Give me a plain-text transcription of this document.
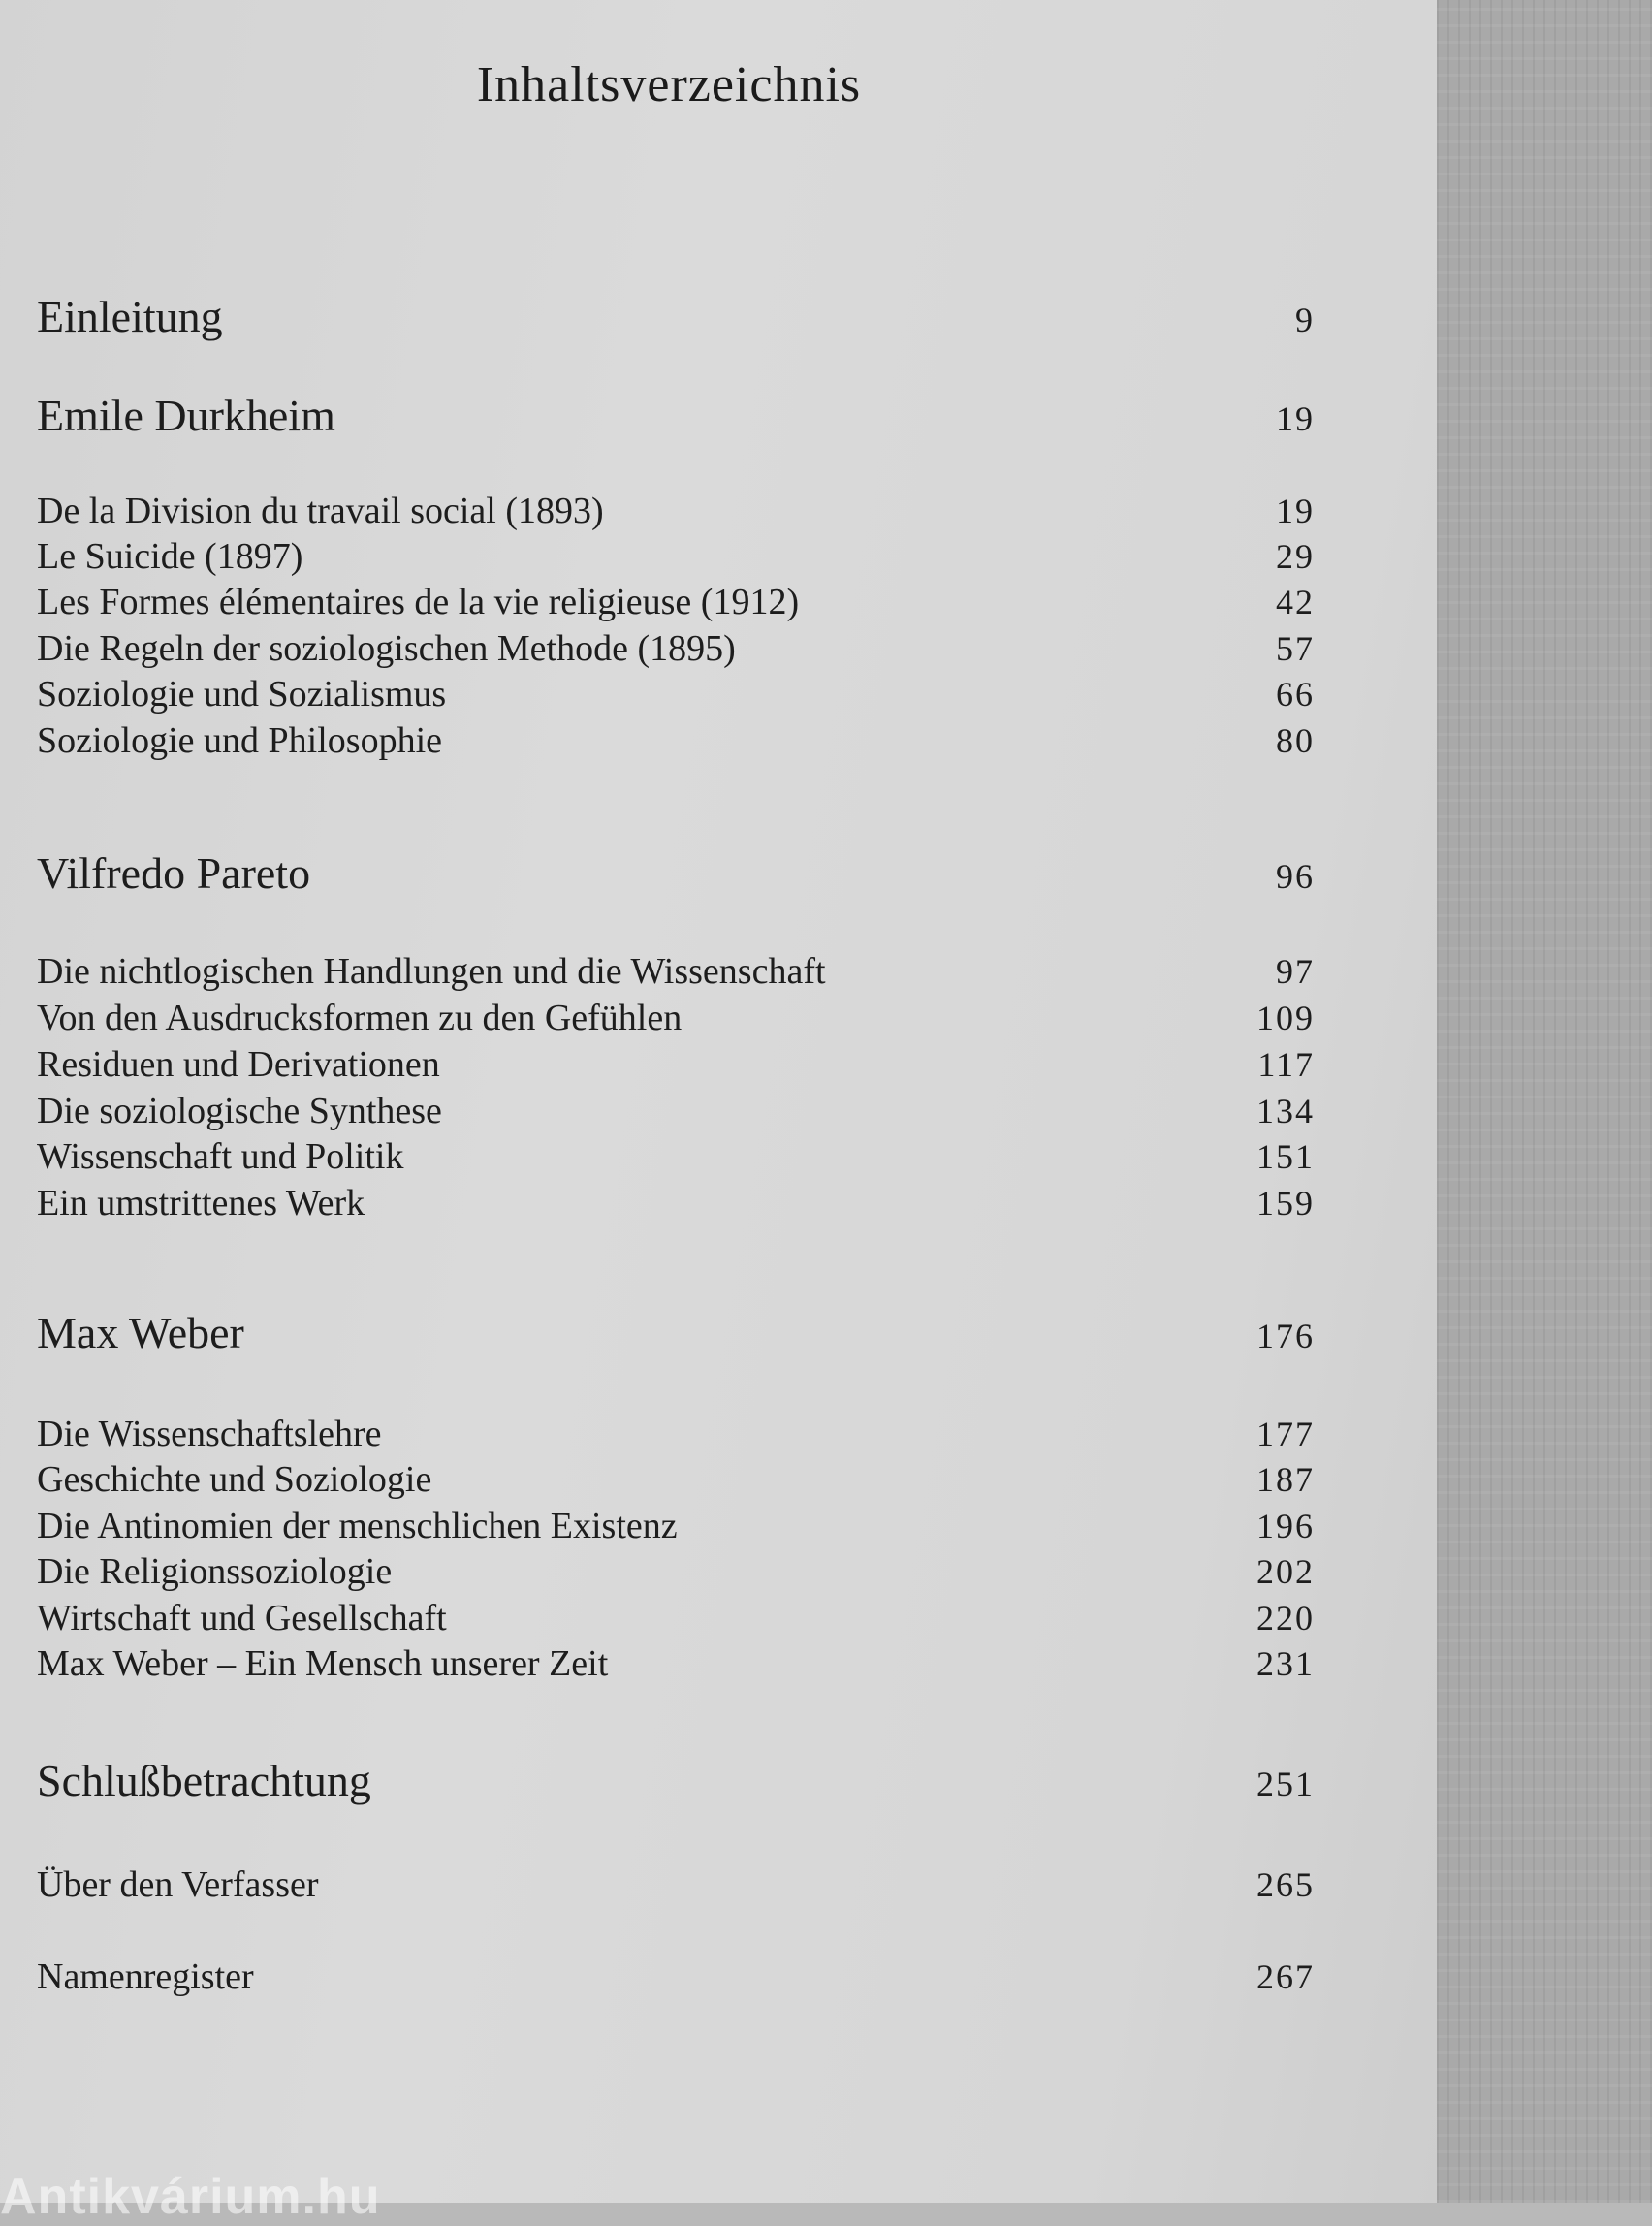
Inhaltsverzeichnis
Einleitung	9
Emile Durkheim	19
De la Division du travail social (1893)	19
Le Suicide (1897)	29
Les Formes élémentaires de la vie religieuse (1912)	42
Die Regeln der soziologischen Methode (1895)	57
Soziologie und Sozialismus	66
Soziologie und Philosophie	80
Vilfredo Pareto	96
Die nichtlogischen Handlungen und die Wissenschaft	97
Von den Ausdrucksformen zu den Gefühlen	109
Residuen und Derivationen	117
Die soziologische Synthese	134
Wissenschaft und Politik	151
Ein umstrittenes Werk	159
Max Weber	176
Die Wissenschaftslehre	177
Geschichte und Soziologie	187
Die Antinomien der menschlichen Existenz	196
Die Religionssoziologie	202
Wirtschaft und Gesellschaft	220
Max Weber – Ein Mensch unserer Zeit	231
Schlußbetrachtung	251
Über den Verfasser	265
Namenregister	267
Antikvárium.hu
